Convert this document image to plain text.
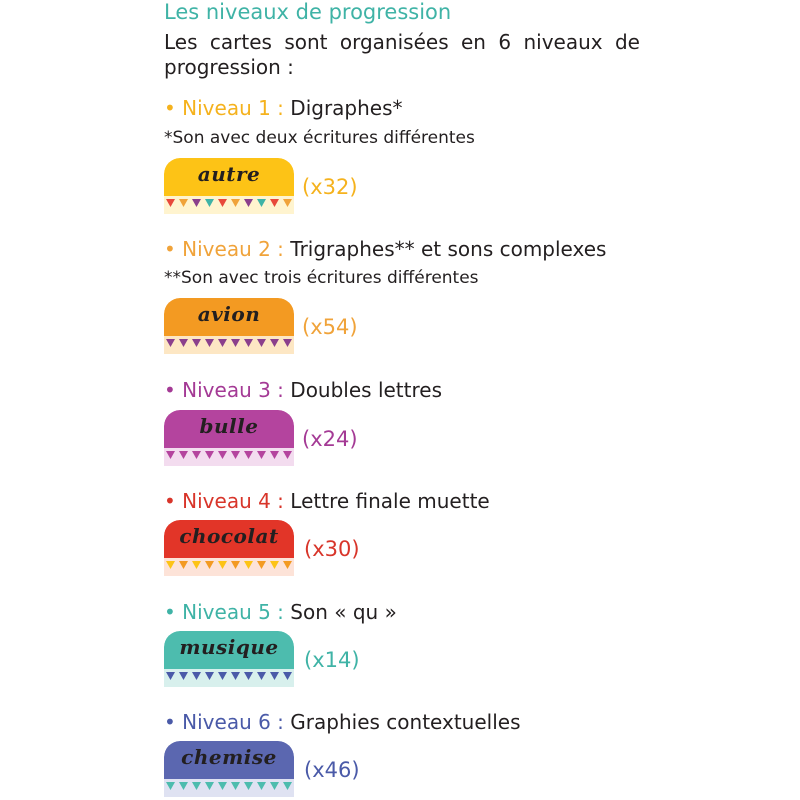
Les niveaux de progression
Les cartes sont organisées en 6 niveaux de progression :
• Niveau 1 : Digraphes*
*Son avec deux écritures différentes
autre
(x32)
• Niveau 2 : Trigraphes** et sons complexes
**Son avec trois écritures différentes
avion
(x54)
• Niveau 3 : Doubles lettres
bulle
(x24)
• Niveau 4 : Lettre finale muette
chocolat
(x30)
• Niveau 5 : Son « qu »
musique
(x14)
• Niveau 6 : Graphies contextuelles
chemise
(x46)
